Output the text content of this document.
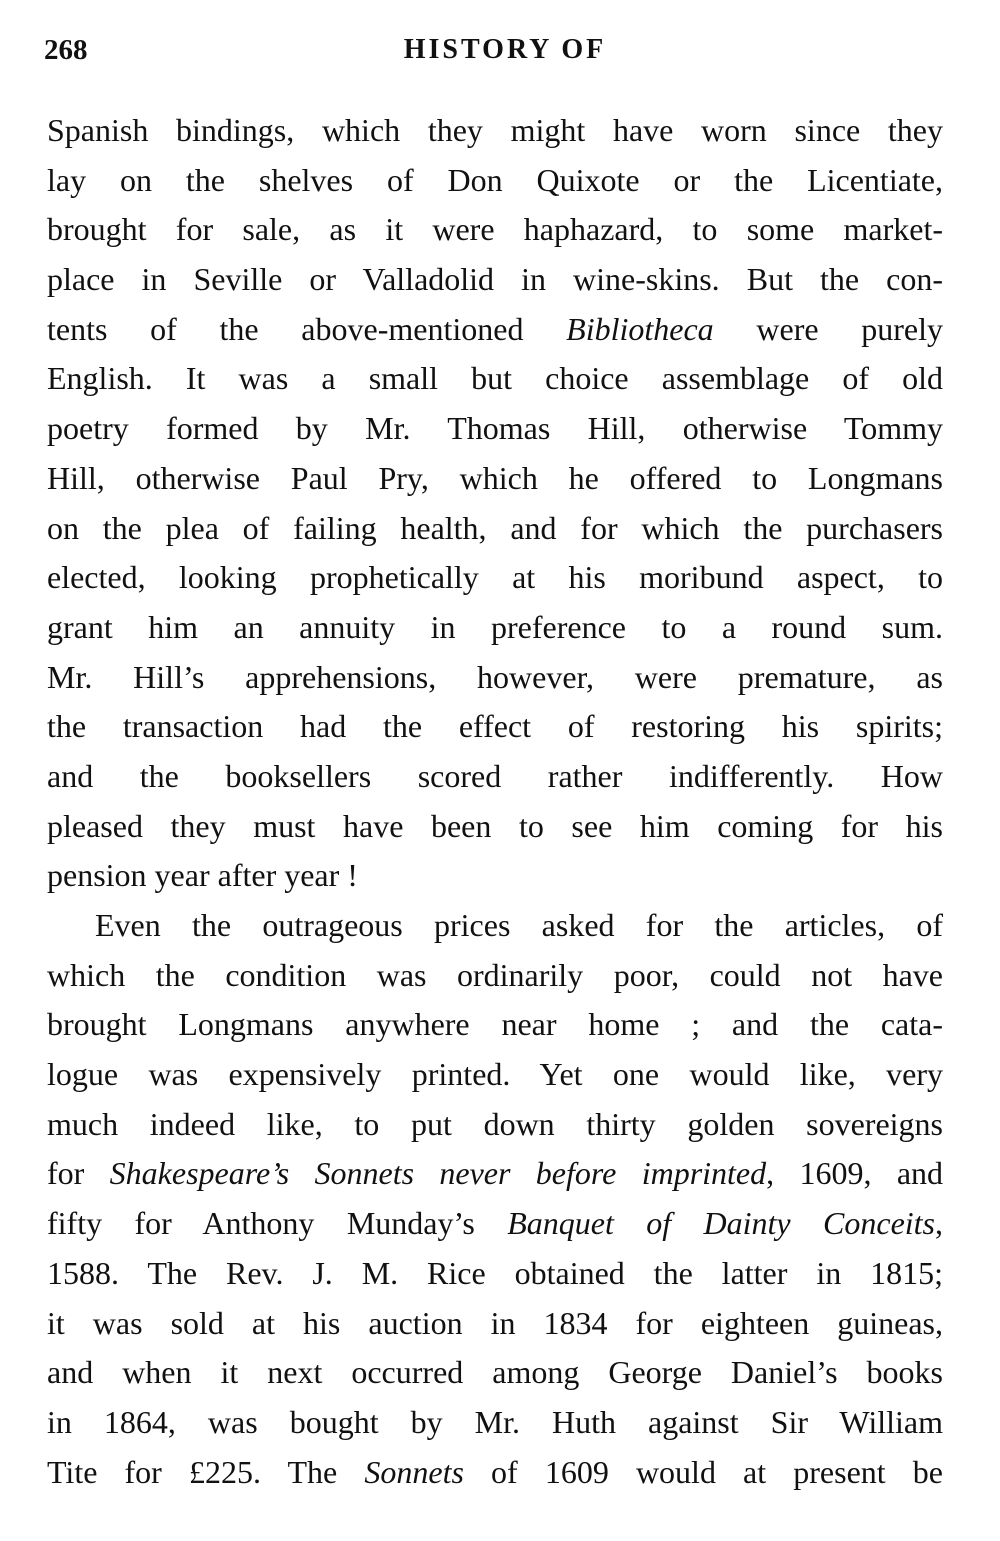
268	HISTORY OF
Spanish bindings, which they might have worn since they
lay on the shelves of Don Quixote or the Licentiate,
brought for sale, as it were haphazard, to some market-
place in Seville or Valladolid in wine-skins. But the con-
tents of the above-mentioned Bibliotheca were purely
English. It was a small but choice assemblage of old
poetry formed by Mr. Thomas Hill, otherwise Tommy
Hill, otherwise Paul Pry, which he offered to Longmans
on the plea of failing health, and for which the purchasers
elected, looking prophetically at his moribund aspect, to
grant him an annuity in preference to a round sum.
Mr. Hill’s apprehensions, however, were premature, as
the transaction had the effect of restoring his spirits;
and the booksellers scored rather indifferently. How
pleased they must have been to see him coming for his
pension year after year !
Even the outrageous prices asked for the articles, of
which the condition was ordinarily poor, could not have
brought Longmans anywhere near home ; and the cata-
logue was expensively printed. Yet one would like, very
much indeed like, to put down thirty golden sovereigns
for Shakespeare’s Sonnets never before imprinted, 1609, and
fifty for Anthony Munday’s Banquet of Dainty Conceits,
1588. The Rev. J. M. Rice obtained the latter in 1815;
it was sold at his auction in 1834 for eighteen guineas,
and when it next occurred among George Daniel’s books
in 1864, was bought by Mr. Huth against Sir William
Tite for £225. The Sonnets of 1609 would at present be
